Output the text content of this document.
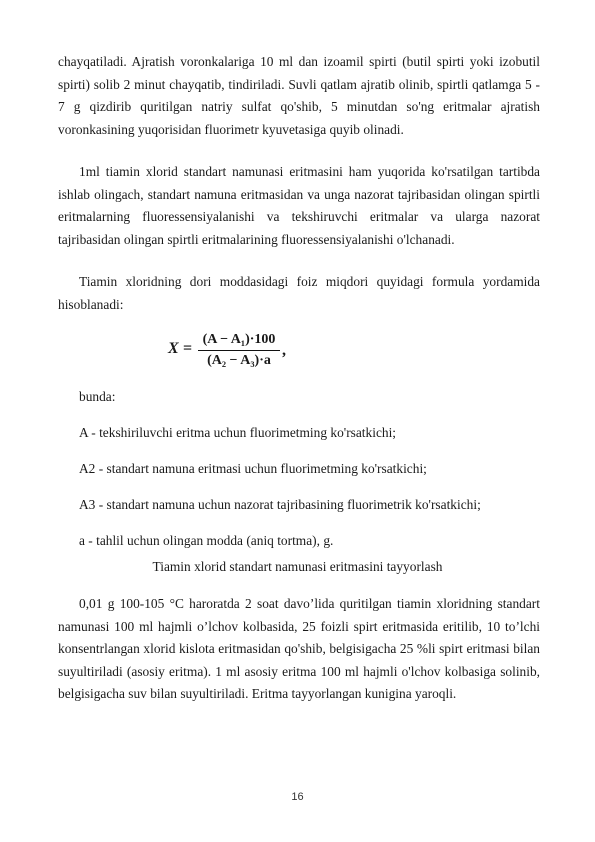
chayqatiladi. Ajratish voronkalariga 10 ml dan izoamil spirti (butil spirti yoki izobutil spirti) solib 2 minut chayqatib, tindiriladi. Suvli qatlam ajratib olinib, spirtli qatlamga 5 - 7 g qizdirib quritilgan natriy sulfat qo'shib, 5 minutdan so'ng eritmalar ajratish voronkasining yuqorisidan fluorimetr kyuvetasiga quyib olinadi.

1ml tiamin xlorid standart namunasi eritmasini ham yuqorida ko'rsatilgan tartibda ishlab olingach, standart namuna eritmasidan va unga nazorat tajribasidan olingan spirtli eritmalarning fluoressensiyalanishi va tekshiruvchi eritmalar va ularga nazorat tajribasidan olingan spirtli eritmalarining fluoressensiyalanishi o'lchanadi.

Tiamin xloridning dori moddasidagi foiz miqdori quyidagi formula yordamida hisoblanadi:

X =
(A − A₁)·100
(A₂ − A₃)·a
,
bunda:
A - tekshiriluvchi eritma uchun fluorimetming ko'rsatkichi;
A2 - standart namuna eritmasi uchun fluorimetming ko'rsatkichi;
A3 - standart namuna uchun nazorat tajribasining fluorimetrik ko'rsatkichi;
a - tahlil uchun olingan modda (aniq tortma), g.
Tiamin xlorid standart namunasi eritmasini tayyorlash

0,01 g 100-105 °C haroratda 2 soat davo’lida quritilgan tiamin xloridning standart namunasi 100 ml hajmli o’lchov kolbasida, 25 foizli spirt eritmasida eritilib, 10 to’lchi konsentrlangan xlorid kislota eritmasidan qo'shib, belgisigacha 25 %li spirt eritmasi bilan suyultiriladi (asosiy eritma). 1 ml asosiy eritma 100 ml hajmli o'lchov kolbasiga solinib, belgisigacha suv bilan suyultiriladi. Eritma tayyorlangan kunigina yaroqli.

16
